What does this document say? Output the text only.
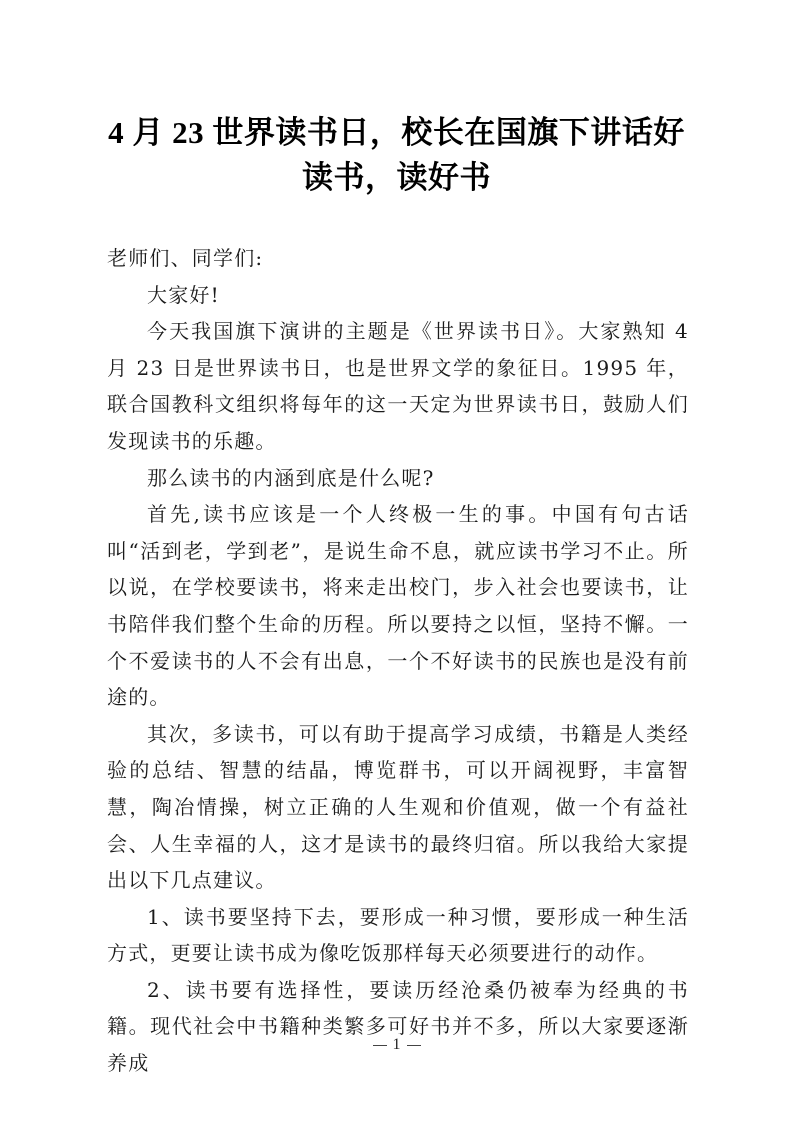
4 月 23 世界读书日，校长在国旗下讲话好
读书，读好书

老师们、同学们:

大家好!

今天我国旗下演讲的主题是《世界读书日》。大家熟知 4 月 23 日是世界读书日，也是世界文学的象征日。1995 年，联合国教科文组织将每年的这一天定为世界读书日，鼓励人们发现读书的乐趣。

那么读书的内涵到底是什么呢?

首先,读书应该是一个人终极一生的事。中国有句古话叫“活到老，学到老”，是说生命不息，就应读书学习不止。所以说，在学校要读书，将来走出校门，步入社会也要读书，让书陪伴我们整个生命的历程。所以要持之以恒，坚持不懈。一个不爱读书的人不会有出息，一个不好读书的民族也是没有前途的。

其次，多读书，可以有助于提高学习成绩，书籍是人类经验的总结、智慧的结晶，博览群书，可以开阔视野，丰富智慧，陶冶情操，树立正确的人生观和价值观，做一个有益社会、人生幸福的人，这才是读书的最终归宿。所以我给大家提出以下几点建议。

1、读书要坚持下去，要形成一种习惯，要形成一种生活方式，更要让读书成为像吃饭那样每天必须要进行的动作。

2、读书要有选择性，要读历经沧桑仍被奉为经典的书籍。现代社会中书籍种类繁多可好书并不多，所以大家要逐渐养成

1
